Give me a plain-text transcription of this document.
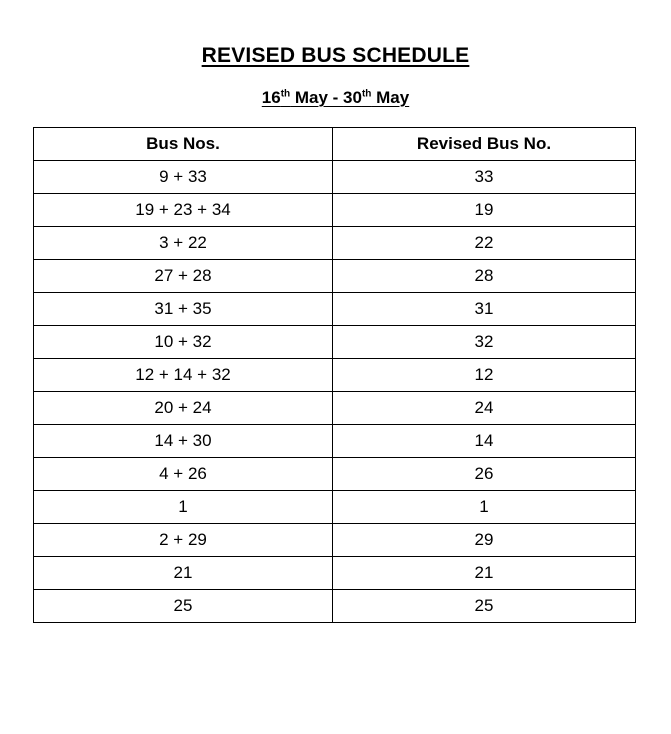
REVISED BUS SCHEDULE
16th May - 30th May
Bus Nos.	Revised Bus No.
9 + 33	33
19 + 23 + 34	19
3 + 22	22
27 + 28	28
31 + 35	31
10 + 32	32
12 + 14 + 32	12
20 + 24	24
14 + 30	14
4 + 26	26
1	1
2 + 29	29
21	21
25	25
